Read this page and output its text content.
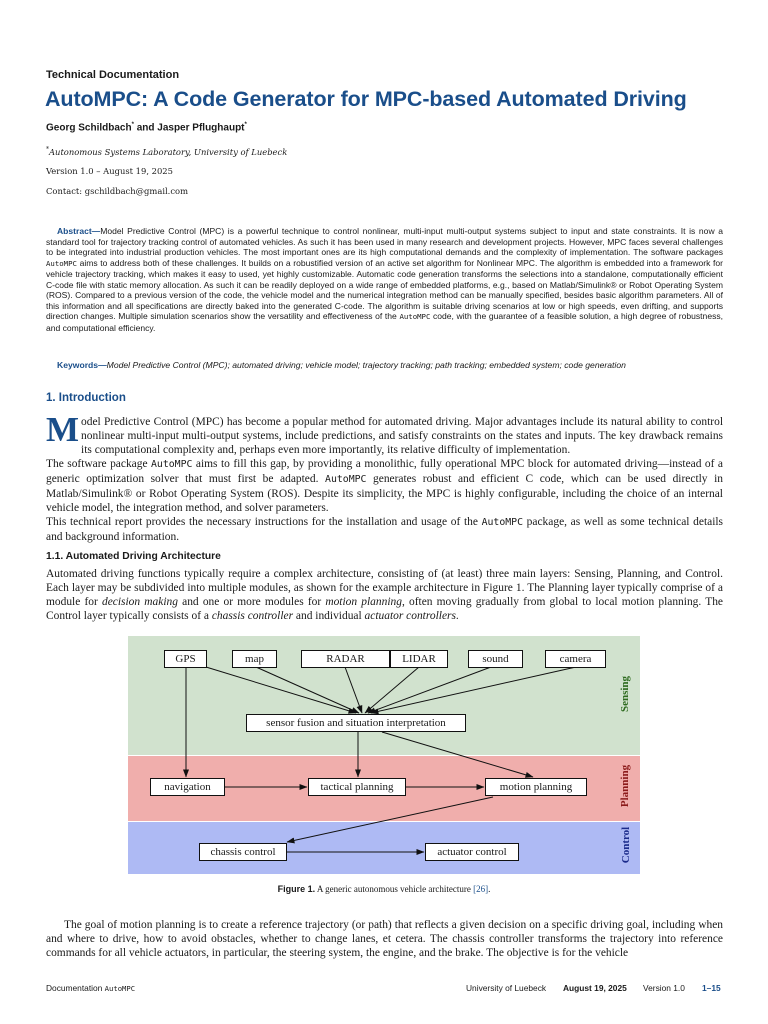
Technical Documentation
AutoMPC: A Code Generator for MPC-based Automated Driving
Georg Schildbach* and Jasper Pflughaupt*
*Autonomous Systems Laboratory, University of Luebeck
Version 1.0 – August 19, 2025
Contact: gschildbach@gmail.com
Abstract—Model Predictive Control (MPC) is a powerful technique to control nonlinear, multi-input multi-output systems subject to input and state constraints. It is now a standard tool for trajectory tracking control of automated vehicles. As such it has been used in many research and development projects. However, MPC faces several challenges to be integrated into industrial production vehicles. The most important ones are its high computational demands and the complexity of implementation. The software packages AutoMPC aims to address both of these challenges. It builds on a robustified version of an active set algorithm for Nonlinear MPC. The algorithm is embedded into a framework for vehicle trajectory tracking, which makes it easy to used, yet highly customizable. Automatic code generation transforms the selections into a standalone, computationally efficient C-code file with static memory allocation. As such it can be readily deployed on a wide range of embedded platforms, e.g., based on Matlab/Simulink® or Robot Operating System (ROS). Compared to a previous version of the code, the vehicle model and the numerical integration method can be manually specified, besides basic algorithm parameters. All of this information and all specifications are directly baked into the generated C-code. The algorithm is suitable driving scenarios at low or high speeds, even drifting, and supports direction changes. Multiple simulation scenarios show the versatility and effectiveness of the AutoMPC code, with the guarantee of a feasible solution, a high degree of robustness, and computational efficiency.
Keywords—Model Predictive Control (MPC); automated driving; vehicle model; trajectory tracking; path tracking; embedded system; code generation
1. Introduction

Model Predictive Control (MPC) has become a popular method for automated driving. Major advantages include its natural ability to control nonlinear multi-input multi-output systems, include predictions, and satisfy constraints on the states and inputs. The key drawback remains its computational complexity and, perhaps even more importantly, its relative difficulty of implementation.

The software package AutoMPC aims to fill this gap, by providing a monolithic, fully operational MPC block for automated driving—instead of a generic optimization solver that must first be adapted. AutoMPC generates robust and efficient C code, which can be used directly in Matlab/Simulink® or Robot Operating System (ROS). Despite its simplicity, the MPC is highly configurable, including the choice of an internal vehicle model, the integration method, and solver parameters.

This technical report provides the necessary instructions for the installation and usage of the AutoMPC package, as well as some technical details and background information.

1.1. Automated Driving Architecture

Automated driving functions typically require a complex architecture, consisting of (at least) three main layers: Sensing, Planning, and Control. Each layer may be subdivided into multiple modules, as shown for the example architecture in Figure 1. The Planning layer typically comprise of a module for decision making and one or more modules for motion planning, often moving gradually from global to local motion planning. The Control layer typically consists of a chassis controller and individual actuator controllers.

GPS	map	RADAR	LIDAR	sound	camera
sensor fusion and situation interpretation
navigation	tactical planning	motion planning
chassis control	actuator control
Sensing
Planning
Control
Figure 1. A generic autonomous vehicle architecture [26].
The goal of motion planning is to create a reference trajectory (or path) that reflects a given decision on a specific driving goal, including when and where to drive, how to avoid obstacles, whether to change lanes, et cetera. The chassis controller transforms the trajectory into reference commands for all vehicle actuators, in particular, the steering system, the engine, and the brake. The objective is for the vehicle
Documentation AutoMPC	University of Luebeck August 19, 2025 Version 1.0 1–15
